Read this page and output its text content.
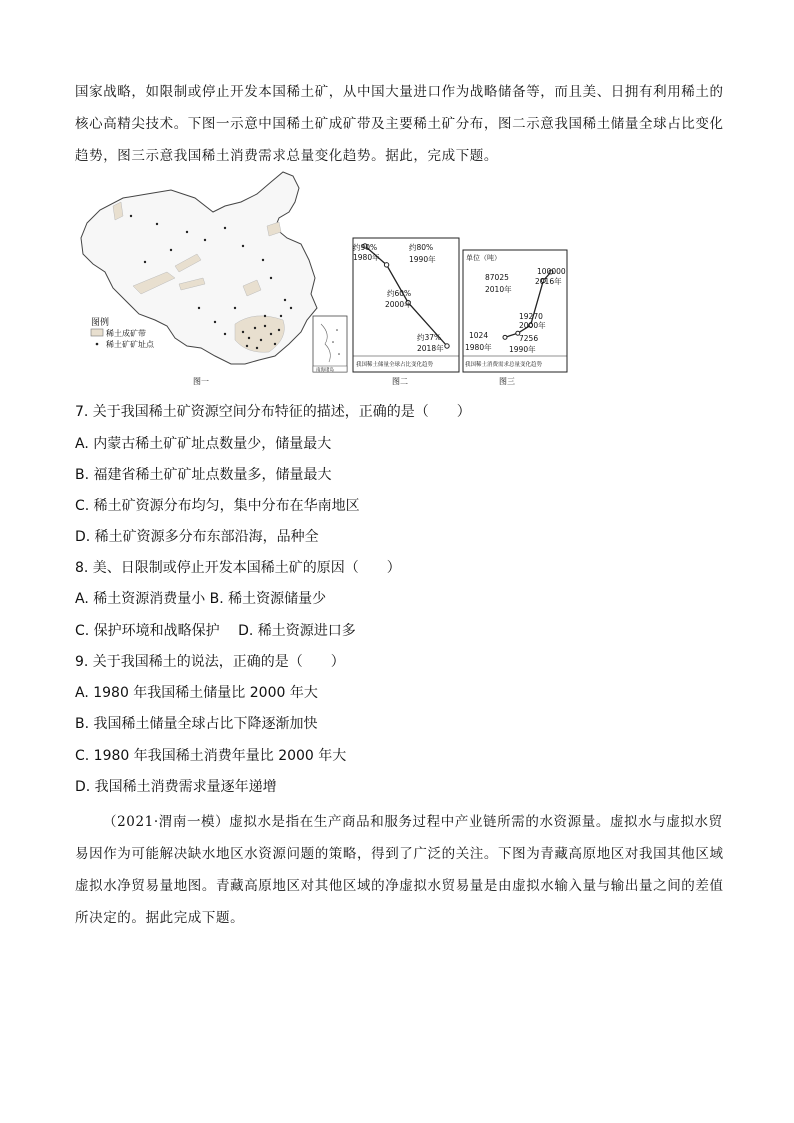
国家战略，如限制或停止开发本国稀土矿，从中国大量进口作为战略储备等，而且美、日拥有利用稀土的
核心高精尖技术。下图一示意中国稀土矿成矿带及主要稀土矿分布，图二示意我国稀土储量全球占比变化
趋势，图三示意我国稀土消费需求总量变化趋势。据此，完成下题。
图例
稀土成矿带
稀土矿矿址点
南海诸岛
图一
约90%
1980年
约80%
1990年
约60%
2000年
约37%
2018年
我国稀土储量全球占比变化趋势
图二
单位（吨）
87025
2010年
100000
2016年
19270
2000年
1024
1980年
7256
1990年
我国稀土消费需求总量变化趋势
图三
7. 关于我国稀土矿资源空间分布特征的描述，正确的是（　　）
A. 内蒙古稀土矿矿址点数量少，储量最大
B. 福建省稀土矿矿址点数量多，储量最大
C. 稀土矿资源分布均匀，集中分布在华南地区
D. 稀土矿资源多分布东部沿海，品种全
8. 美、日限制或停止开发本国稀土矿的原因（　　）
A. 稀土资源消费量小 B. 稀土资源储量少
C. 保护环境和战略保护　 D. 稀土资源进口多
9. 关于我国稀土的说法，正确的是（　　）
A. 1980 年我国稀土储量比 2000 年大
B. 我国稀土储量全球占比下降逐渐加快
C. 1980 年我国稀土消费年量比 2000 年大
D. 我国稀土消费需求量逐年递增
（2021·渭南一模）虚拟水是指在生产商品和服务过程中产业链所需的水资源量。虚拟水与虚拟水贸
易因作为可能解决缺水地区水资源问题的策略，得到了广泛的关注。下图为青藏高原地区对我国其他区域
虚拟水净贸易量地图。青藏高原地区对其他区域的净虚拟水贸易量是由虚拟水输入量与输出量之间的差值
所决定的。据此完成下题。
